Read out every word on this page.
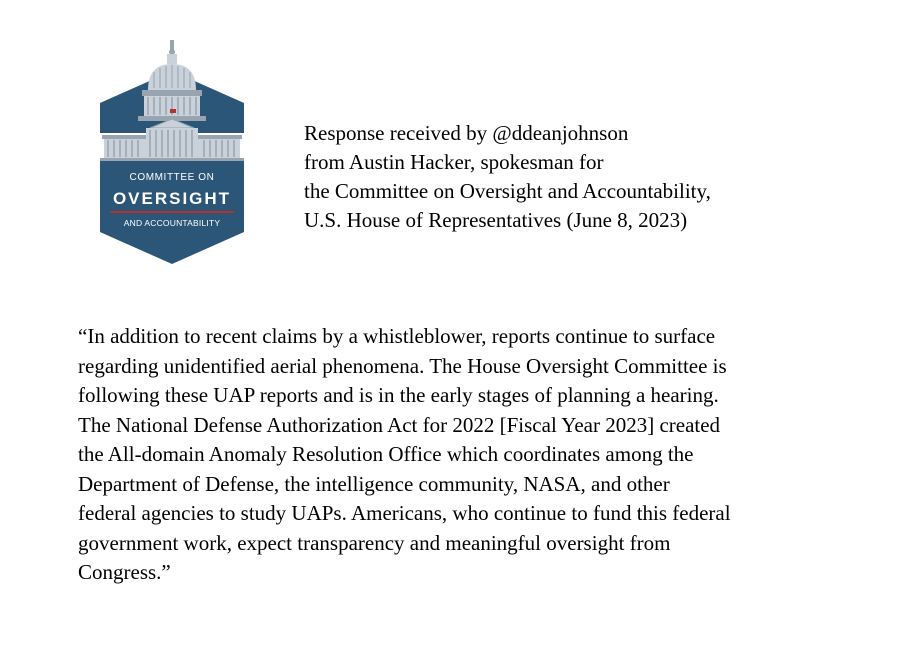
COMMITTEE ON
OVERSIGHT
AND ACCOUNTABILITY
Response received by @ddeanjohnson
from Austin Hacker, spokesman for
the Committee on Oversight and Accountability,
U.S. House of Representatives (June 8, 2023)
“In addition to recent claims by a whistleblower, reports continue to surface
regarding unidentified aerial phenomena. The House Oversight Committee is
following these UAP reports and is in the early stages of planning a hearing.
The National Defense Authorization Act for 2022 [Fiscal Year 2023] created
the All-domain Anomaly Resolution Office which coordinates among the
Department of Defense, the intelligence community, NASA, and other
federal agencies to study UAPs. Americans, who continue to fund this federal
government work, expect transparency and meaningful oversight from
Congress.”
